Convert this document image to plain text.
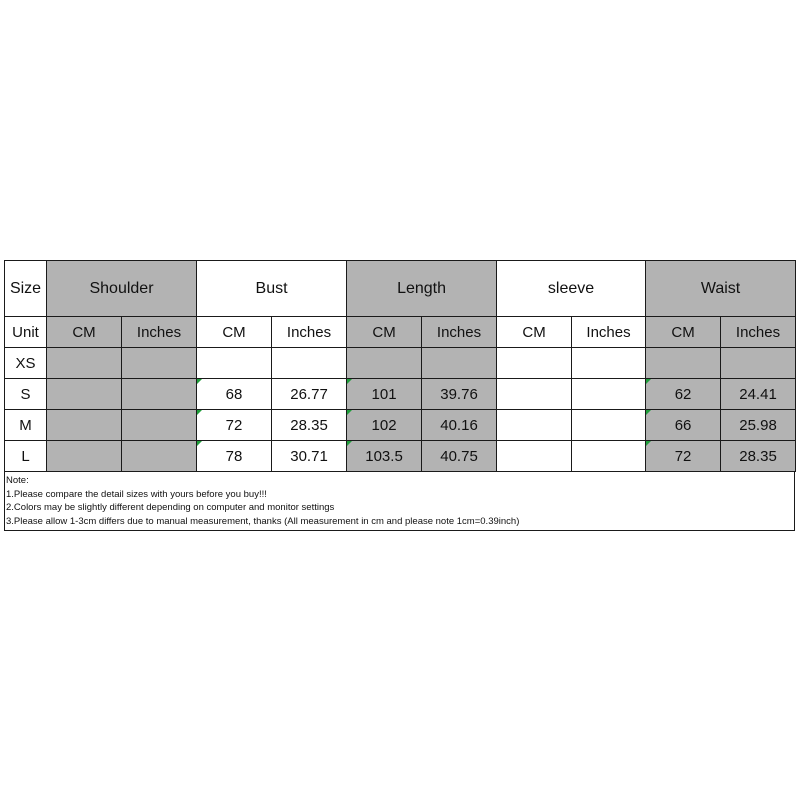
Size	Shoulder		Bust		Length		sleeve		Waist	
Unit	CM	Inches	CM	Inches	CM	Inches	CM	Inches	CM	Inches
XS										
S			68	26.77	101	39.76			62	24.41
M			72	28.35	102	40.16			66	25.98
L			78	30.71	103.5	40.75			72	28.35
Note:
1.Please compare the detail sizes with yours before you buy!!!
2.Colors may be slightly different depending on computer and monitor settings
3.Please allow 1-3cm differs due to manual measurement, thanks (All measurement in cm and please note 1cm=0.39inch)
